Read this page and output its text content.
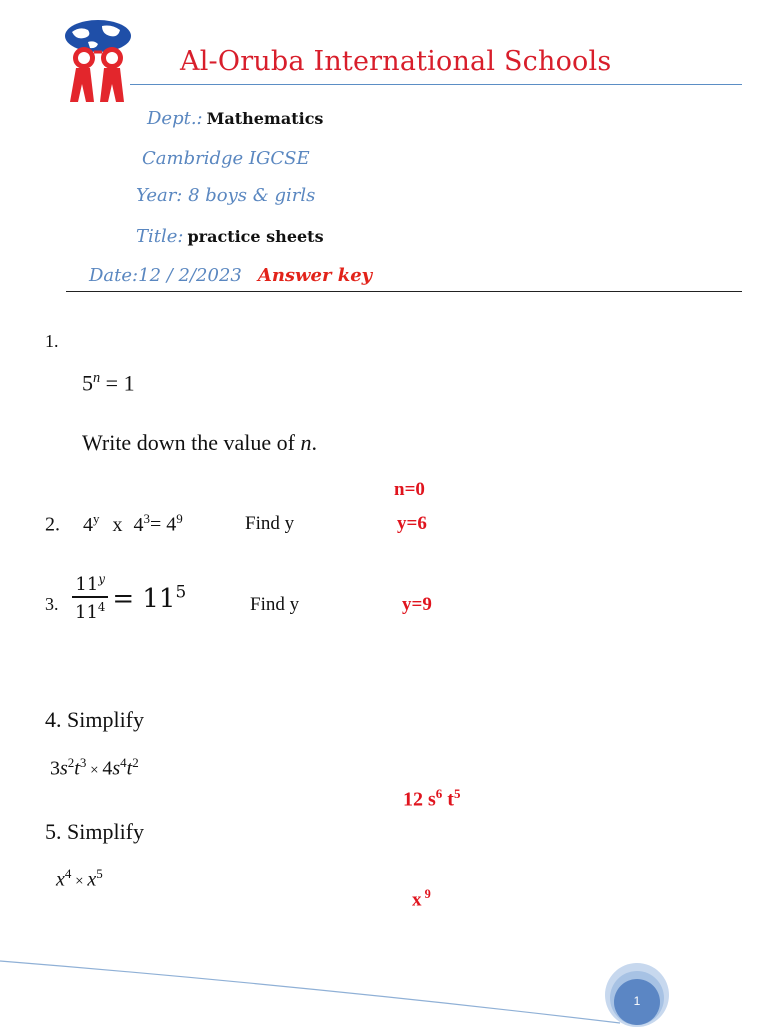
Al-Oruba International Schools
Dept.: Mathematics
Cambridge IGCSE
Year: 8 boys & girls
Title: practice sheets
Date:12 / 2/2023 Answer key
1.
$5^n = 1$
Write down the value of n.
n=0
2. 4$^y$ x $4^3= 4^9$	Find y	y=6
3. $\frac{11^y}{11^4} = 11^5$
Find y	y=9
4. Simplify
$3s^2t^3 \times 4s^4t^2$
12 $s^6$ $t^5$
5. Simplify
$x^4 \times x^5$
x $^9$
1
